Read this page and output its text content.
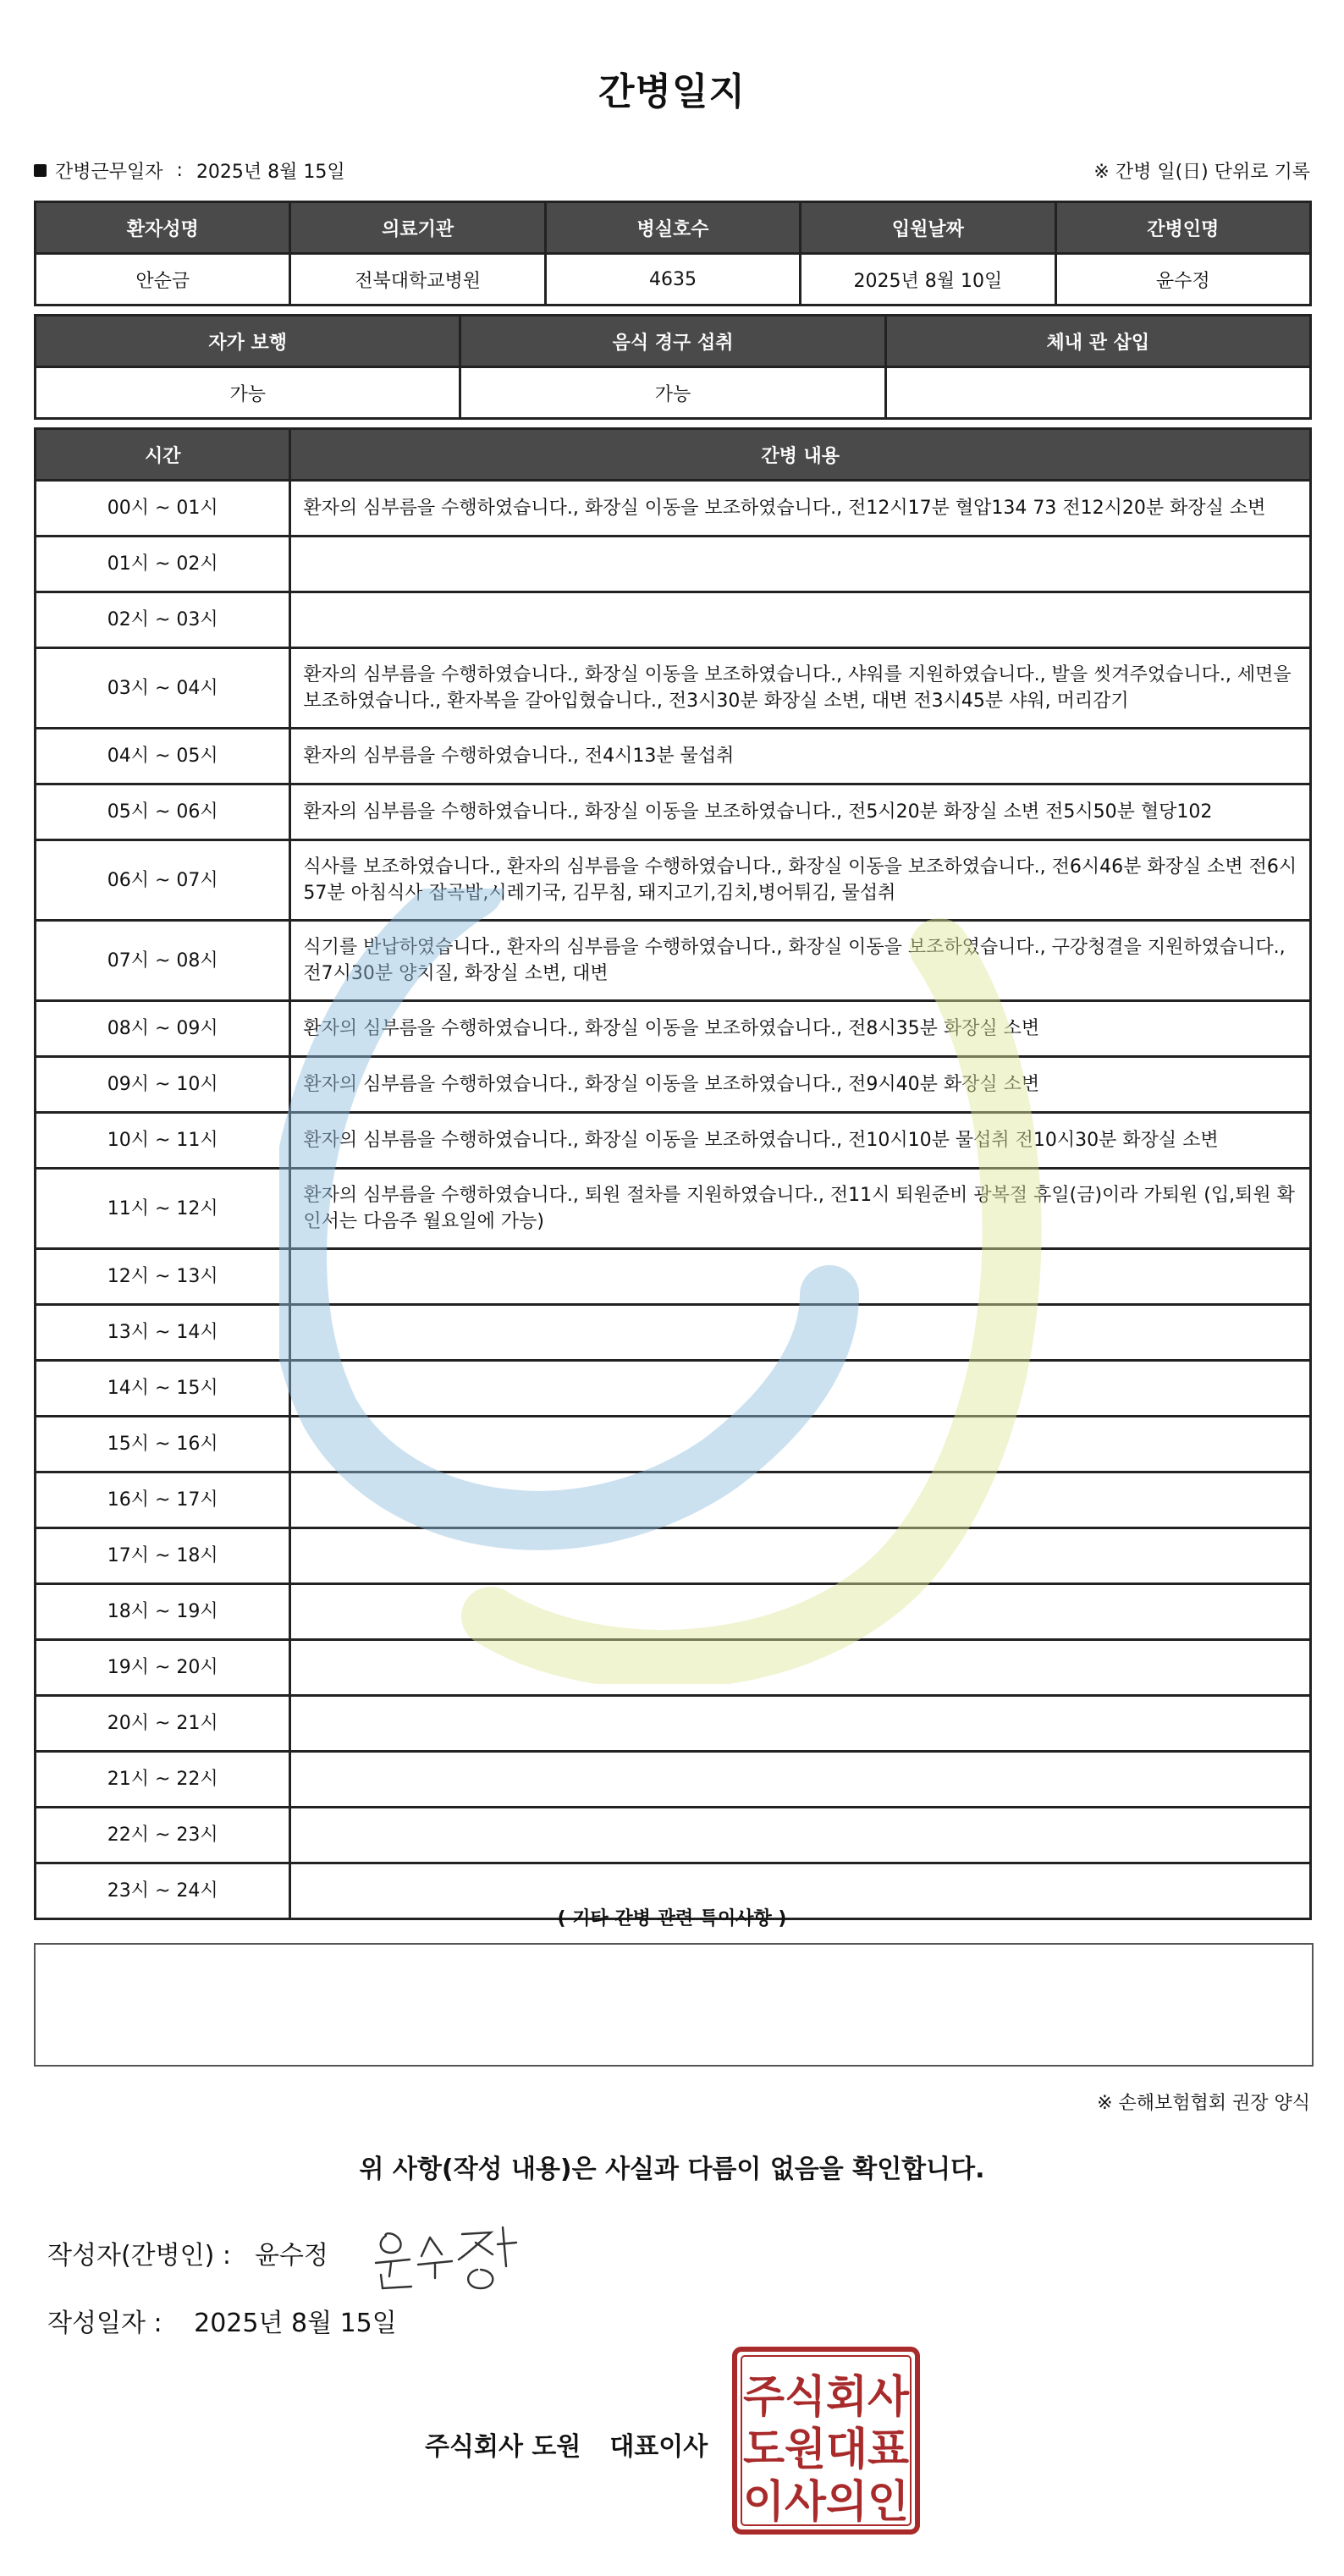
간병일지
간병근무일자 : 2025년 8월 15일	※ 간병 일(日) 단위로 기록
환자성명	의료기관	병실호수	입원날짜	간병인명
안순금	전북대학교병원	4635	2025년 8월 10일	윤수정
자가 보행	음식 경구 섭취	체내 관 삽입
가능	가능	
시간	간병 내용
00시 ~ 01시	환자의 심부름을 수행하였습니다., 화장실 이동을 보조하였습니다., 전12시17분 혈압134 73 전12시20분 화장실 소변
01시 ~ 02시	
02시 ~ 03시	
03시 ~ 04시	환자의 심부름을 수행하였습니다., 화장실 이동을 보조하였습니다., 샤워를 지원하였습니다., 발을 씻겨주었습니다., 세면을 보조하였습니다., 환자복을 갈아입혔습니다., 전3시30분 화장실 소변, 대변 전3시45분 샤워, 머리감기
04시 ~ 05시	환자의 심부름을 수행하였습니다., 전4시13분 물섭취
05시 ~ 06시	환자의 심부름을 수행하였습니다., 화장실 이동을 보조하였습니다., 전5시20분 화장실 소변 전5시50분 혈당102
06시 ~ 07시	식사를 보조하였습니다., 환자의 심부름을 수행하였습니다., 화장실 이동을 보조하였습니다., 전6시46분 화장실 소변 전6시57분 아침식사 잡곡밥,시레기국, 김무침, 돼지고기,김치,병어튀김, 물섭취
07시 ~ 08시	식기를 반납하였습니다., 환자의 심부름을 수행하였습니다., 화장실 이동을 보조하였습니다., 구강청결을 지원하였습니다., 전7시30분 양치질, 화장실 소변, 대변
08시 ~ 09시	환자의 심부름을 수행하였습니다., 화장실 이동을 보조하였습니다., 전8시35분 화장실 소변
09시 ~ 10시	환자의 심부름을 수행하였습니다., 화장실 이동을 보조하였습니다., 전9시40분 화장실 소변
10시 ~ 11시	환자의 심부름을 수행하였습니다., 화장실 이동을 보조하였습니다., 전10시10분 물섭취 전10시30분 화장실 소변
11시 ~ 12시	환자의 심부름을 수행하였습니다., 퇴원 절차를 지원하였습니다., 전11시 퇴원준비 광복절 휴일(금)이라 가퇴원 (입,퇴원 확인서는 다음주 월요일에 가능)
12시 ~ 13시	
13시 ~ 14시	
14시 ~ 15시	
15시 ~ 16시	
16시 ~ 17시	
17시 ~ 18시	
18시 ~ 19시	
19시 ~ 20시	
20시 ~ 21시	
21시 ~ 22시	
22시 ~ 23시	
23시 ~ 24시	
( 기타 간병 관련 특이사항 )
※ 손해보험협회 권장 양식
위 사항(작성 내용)은 사실과 다름이 없음을 확인합니다.
작성자(간병인) : 윤수정
작성일자 : 2025년 8월 15일
주식회사 도원 대표이사
주식회사
도원대표
이사의인
